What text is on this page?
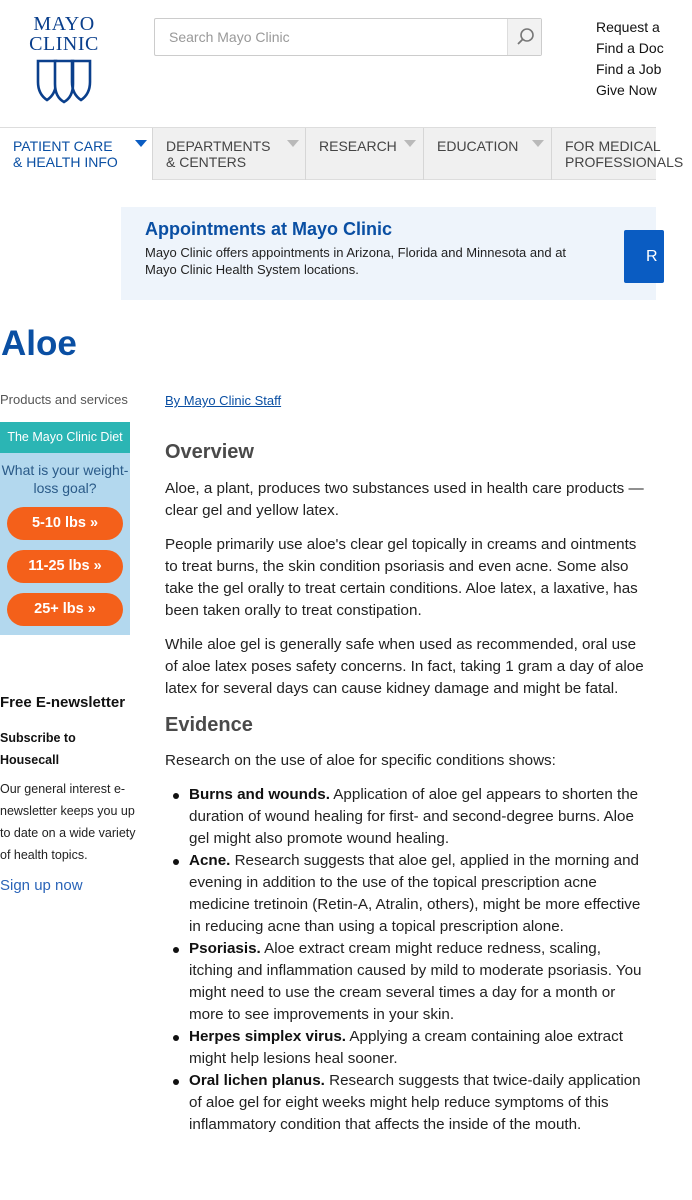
MAYO
CLINIC
Search Mayo Clinic
Request a
Find a Doc
Find a Job
Give Now
PATIENT CARE & HEALTH INFO
DEPARTMENTS & CENTERS
RESEARCH	EDUCATION	FOR MEDICAL PROFESSIONALS
Appointments at Mayo Clinic

Mayo Clinic offers appointments in Arizona, Florida and Minnesota and at Mayo Clinic Health System locations.

R
Aloe
Products and services
The Mayo Clinic Diet
What is your weight-loss goal?
5-10 lbs »
11-25 lbs »
25+ lbs »
Free E-newsletter
Subscribe to Housecall
Our general interest e-newsletter keeps you up to date on a wide variety of health topics.
Sign up now
By Mayo Clinic Staff
Overview

Aloe, a plant, produces two substances used in health care products — clear gel and yellow latex.

People primarily use aloe's clear gel topically in creams and ointments to treat burns, the skin condition psoriasis and even acne. Some also take the gel orally to treat certain conditions. Aloe latex, a laxative, has been taken orally to treat constipation.

While aloe gel is generally safe when used as recommended, oral use of aloe latex poses safety concerns. In fact, taking 1 gram a day of aloe latex for several days can cause kidney damage and might be fatal.

Evidence

Research on the use of aloe for specific conditions shows:

Burns and wounds. Application of aloe gel appears to shorten the duration of wound healing for first- and second-degree burns. Aloe gel might also promote wound healing.
Acne. Research suggests that aloe gel, applied in the morning and evening in addition to the use of the topical prescription acne medicine tretinoin (Retin-A, Atralin, others), might be more effective in reducing acne than using a topical prescription alone.
Psoriasis. Aloe extract cream might reduce redness, scaling, itching and inflammation caused by mild to moderate psoriasis. You might need to use the cream several times a day for a month or more to see improvements in your skin.
Herpes simplex virus. Applying a cream containing aloe extract might help lesions heal sooner.
Oral lichen planus. Research suggests that twice-daily application of aloe gel for eight weeks might help reduce symptoms of this inflammatory condition that affects the inside of the mouth.
